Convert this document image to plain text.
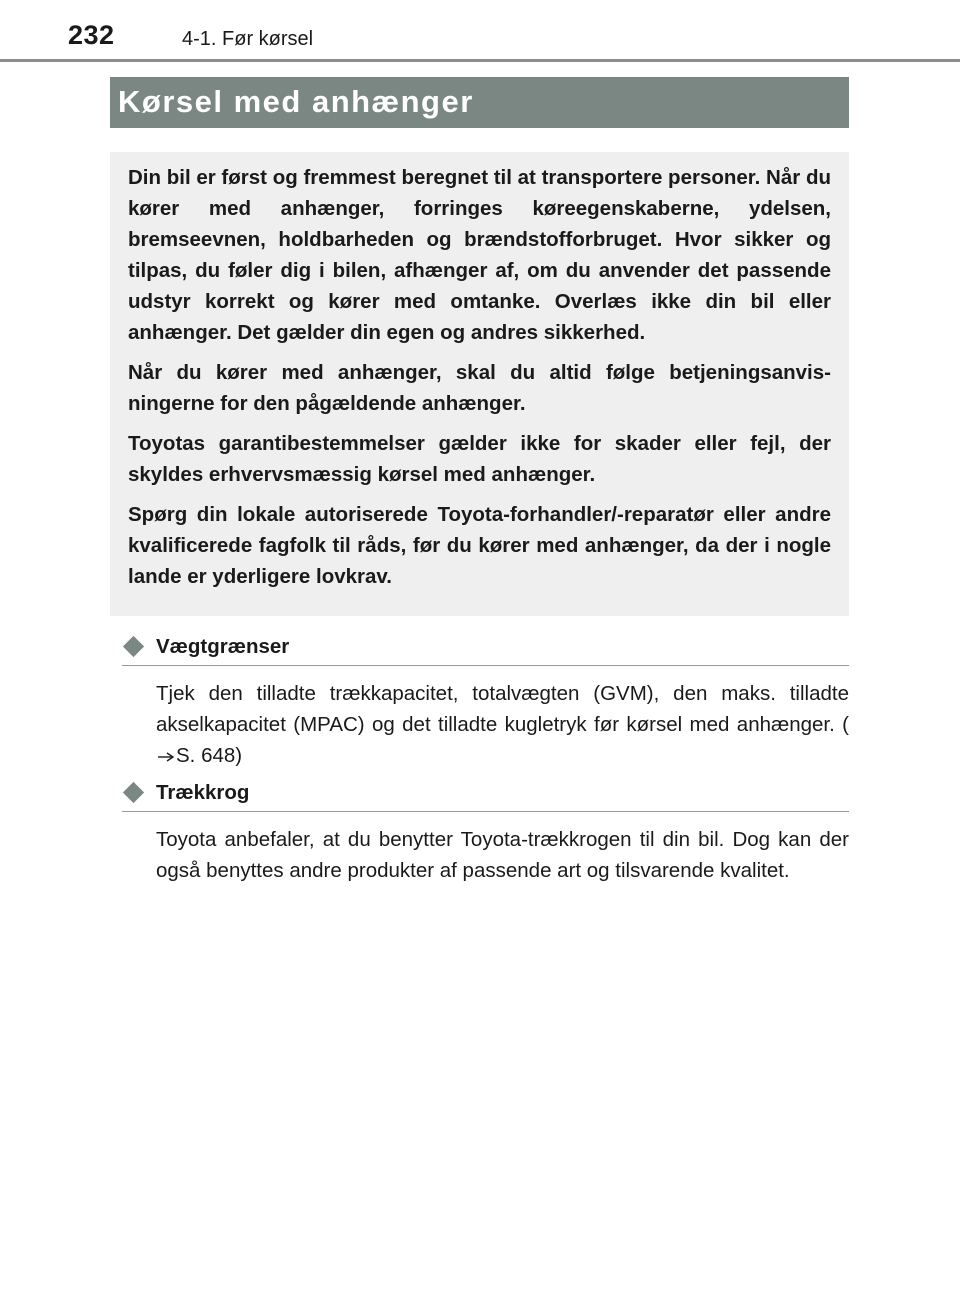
232	4-1. Før kørsel
Kørsel med anhænger

Din bil er først og fremmest beregnet til at transportere personer. Når du kører med anhænger, forringes køreegenskaberne, ydelsen, bremseevnen, holdbarheden og brændstofforbruget. Hvor sikker og tilpas, du føler dig i bilen, afhænger af, om du anvender det passende udstyr korrekt og kører med omtanke. Overlæs ikke din bil eller anhænger. Det gælder din egen og andres sikkerhed.

Når du kører med anhænger, skal du altid følge betjeningsanvisningerne for den pågældende anhænger.

Toyotas garantibestemmelser gælder ikke for skader eller fejl, der skyldes erhvervsmæssig kørsel med anhænger.

Spørg din lokale autoriserede Toyota-forhandler/-reparatør eller andre kvalificerede fagfolk til råds, før du kører med anhænger, da der i nogle lande er yderligere lovkrav.

Vægtgrænser
Tjek den tilladte trækkapacitet, totalvægten (GVM), den maks. tilladte akselkapacitet (MPAC) og det tilladte kugletryk før kørsel med anhænger. (S. 648)
Trækkrog
Toyota anbefaler, at du benytter Toyota-trækkrogen til din bil. Dog kan der også benyttes andre produkter af passende art og tilsvarende kvalitet.
